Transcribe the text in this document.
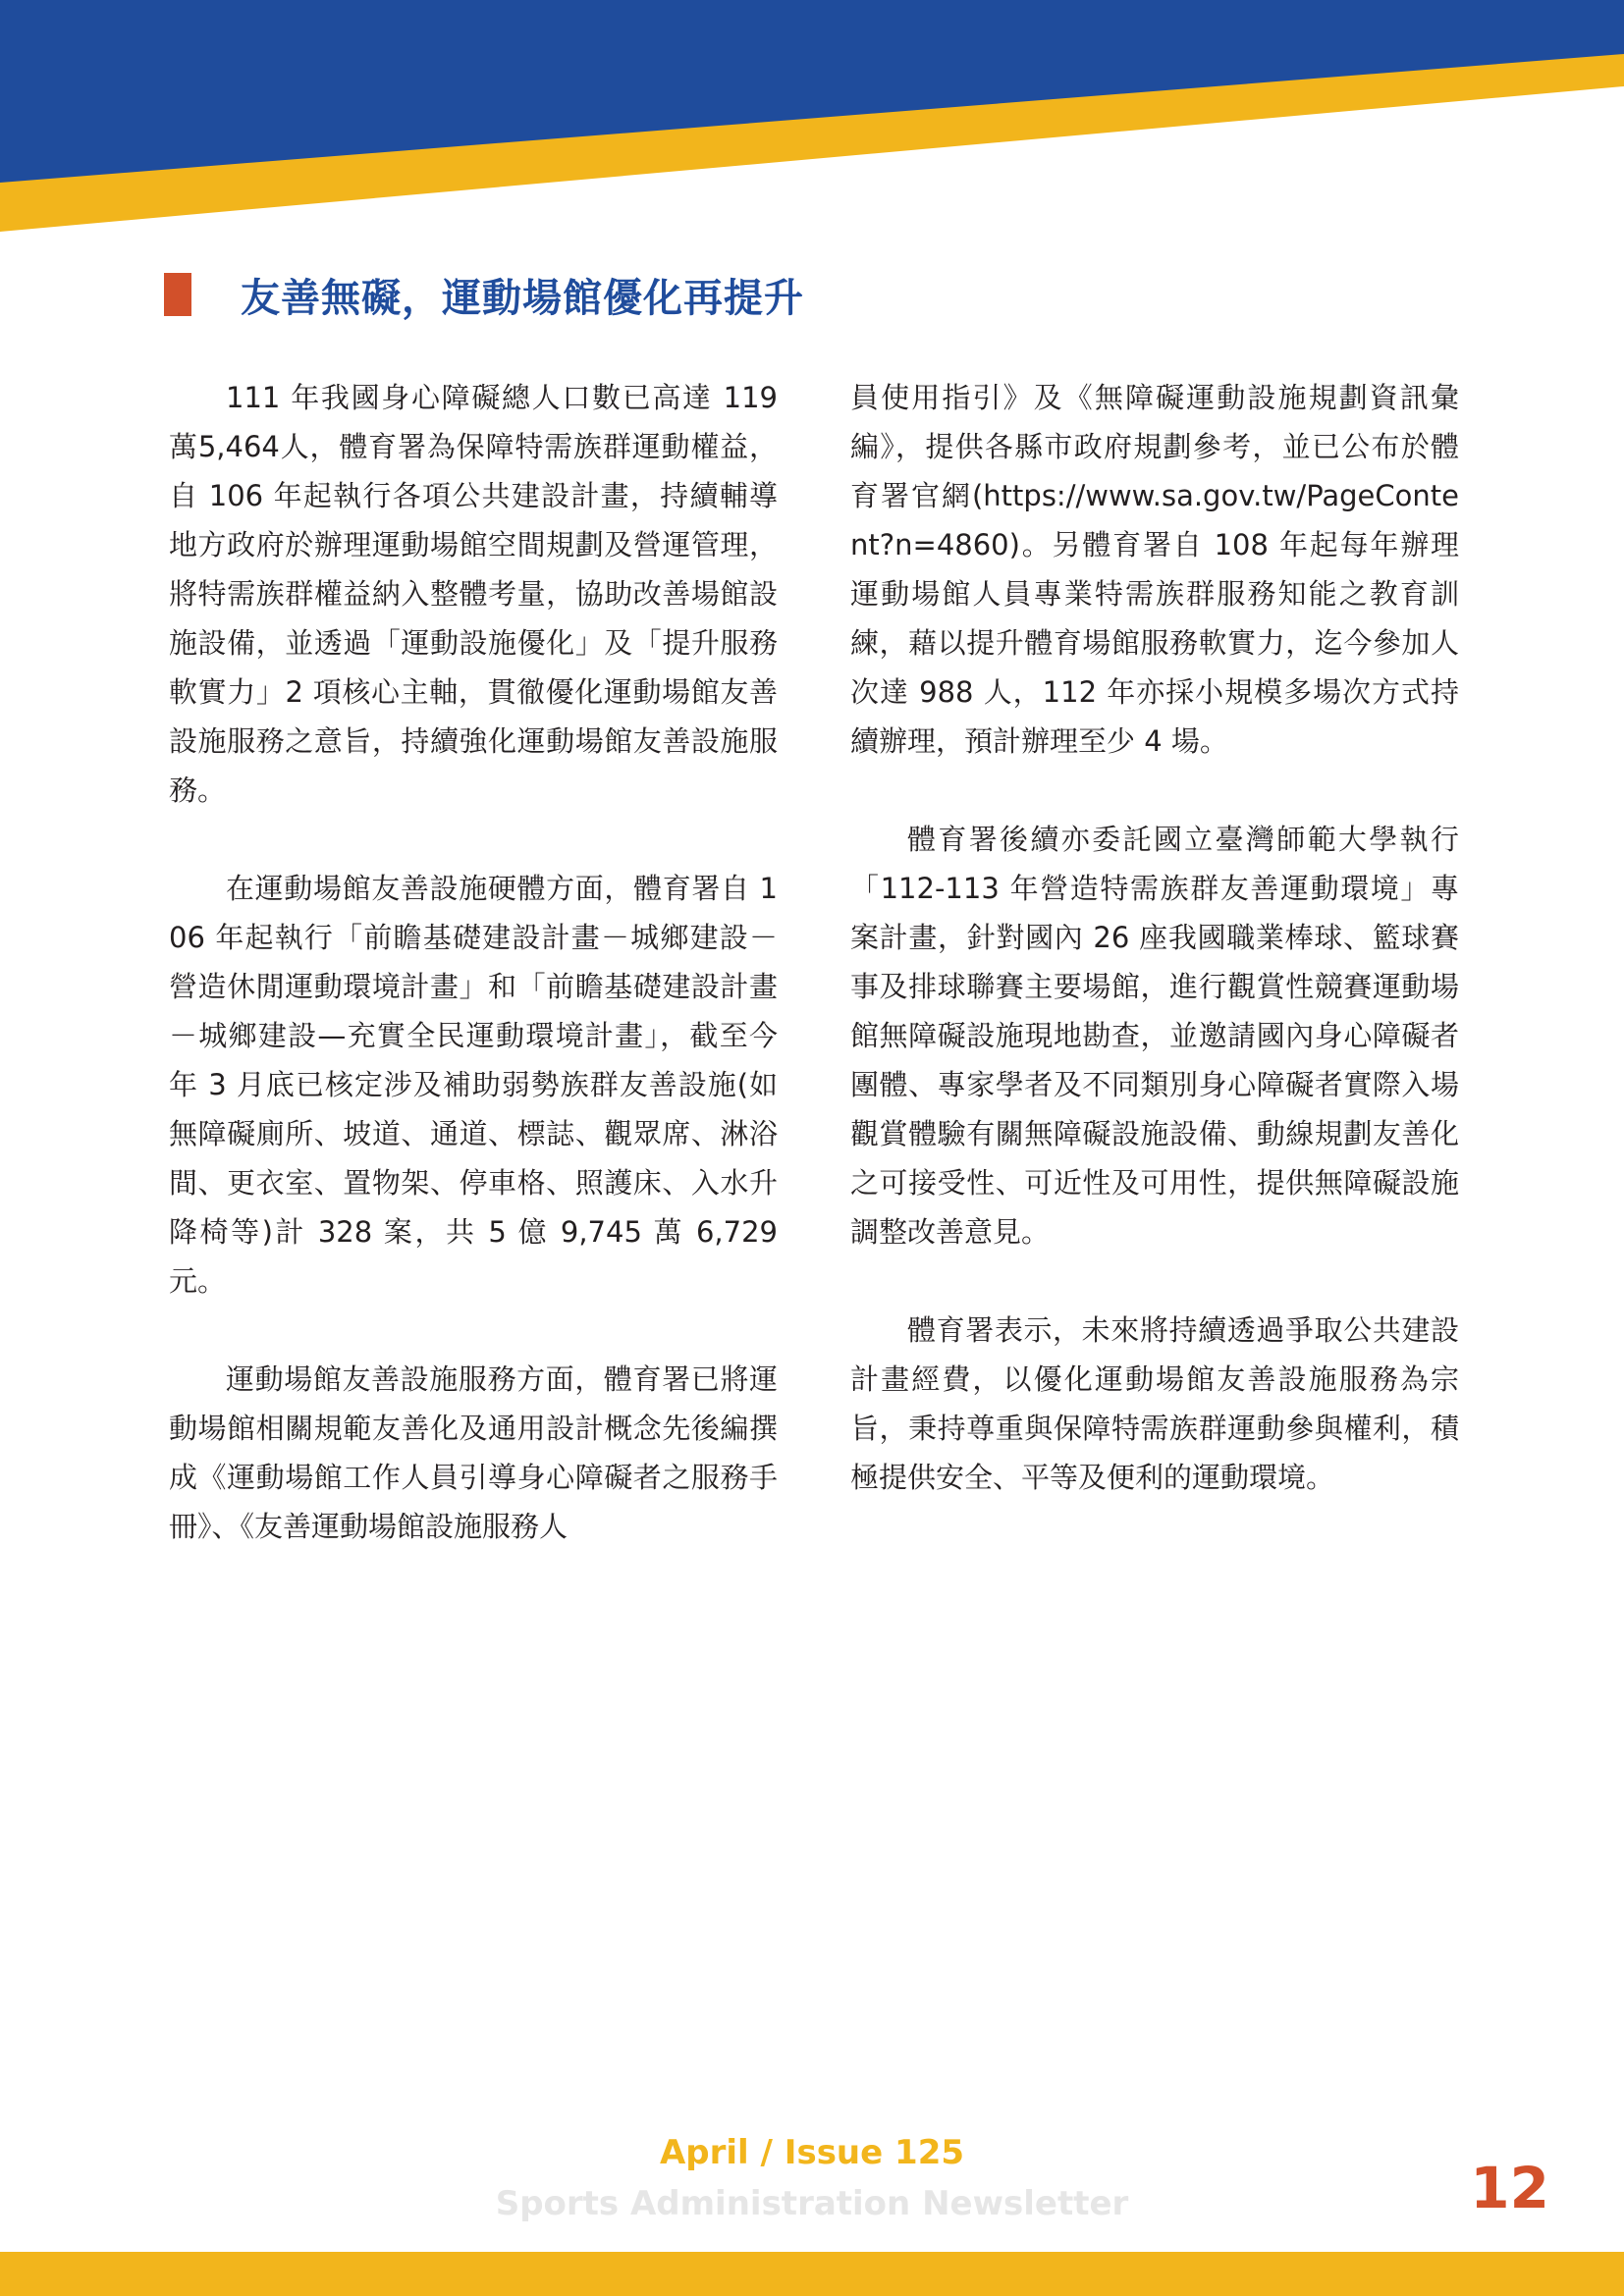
友善無礙，運動場館優化再提升

111 年我國身心障礙總人口數已高達 119 萬5,464人，體育署為保障特需族群運動權益，自 106 年起執行各項公共建設計畫，持續輔導地方政府於辦理運動場館空間規劃及營運管理，將特需族群權益納入整體考量，協助改善場館設施設備，並透過「運動設施優化」及「提升服務軟實力」2 項核心主軸，貫徹優化運動場館友善設施服務之意旨，持續強化運動場館友善設施服務。

在運動場館友善設施硬體方面，體育署自 106 年起執行「前瞻基礎建設計畫－城鄉建設－營造休閒運動環境計畫」和「前瞻基礎建設計畫－城鄉建設—充實全民運動環境計畫」，截至今年 3 月底已核定涉及補助弱勢族群友善設施(如無障礙廁所、坡道、通道、標誌、觀眾席、淋浴間、更衣室、置物架、停車格、照護床、入水升降椅等)計 328 案，共 5 億 9,745 萬 6,729 元。

運動場館友善設施服務方面，體育署已將運動場館相關規範友善化及通用設計概念先後編撰成《運動場館工作人員引導身心障礙者之服務手冊》、《友善運動場館設施服務人

員使用指引》及《無障礙運動設施規劃資訊彙編》，提供各縣市政府規劃參考，並已公布於體育署官網(https://www.sa.gov.tw/PageContent?n=4860)。另體育署自 108 年起每年辦理運動場館人員專業特需族群服務知能之教育訓練，藉以提升體育場館服務軟實力，迄今參加人次達 988 人，112 年亦採小規模多場次方式持續辦理，預計辦理至少 4 場。

體育署後續亦委託國立臺灣師範大學執行「112-113 年營造特需族群友善運動環境」專案計畫，針對國內 26 座我國職業棒球、籃球賽事及排球聯賽主要場館，進行觀賞性競賽運動場館無障礙設施現地勘查，並邀請國內身心障礙者團體、專家學者及不同類別身心障礙者實際入場觀賞體驗有關無障礙設施設備、動線規劃友善化之可接受性、可近性及可用性，提供無障礙設施調整改善意見。

體育署表示，未來將持續透過爭取公共建設計畫經費，以優化運動場館友善設施服務為宗旨，秉持尊重與保障特需族群運動參與權利，積極提供安全、平等及便利的運動環境。

April / Issue 125
Sports Administration Newsletter	12
